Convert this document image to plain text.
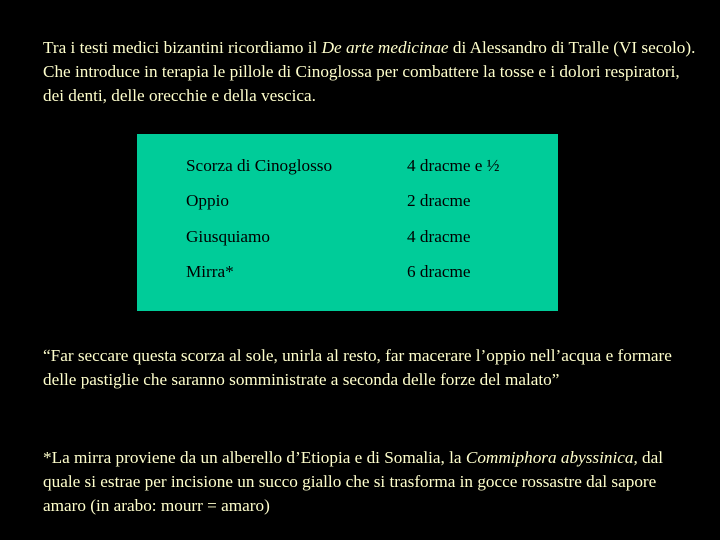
Tra i testi medici bizantini ricordiamo il De arte medicinae di Alessandro di Tralle (VI secolo). Che introduce in terapia le pillole di Cinoglossa per combattere la tosse e i dolori respiratori, dei denti, delle orecchie e della vescica.

Scorza di Cinoglosso	4 dracme e ½
Oppio	2 dracme
Giusquiamo	4 dracme
Mirra*	6 dracme

“Far seccare questa scorza al sole, unirla al resto, far macerare l’oppio nell’acqua e formare delle pastiglie che saranno somministrate a seconda delle forze del malato”

*La mirra proviene da un alberello d’Etiopia e di Somalia, la Commiphora abyssinica, dal quale si estrae per incisione un succo giallo che si trasforma in gocce rossastre dal sapore amaro (in arabo: mourr = amaro)
